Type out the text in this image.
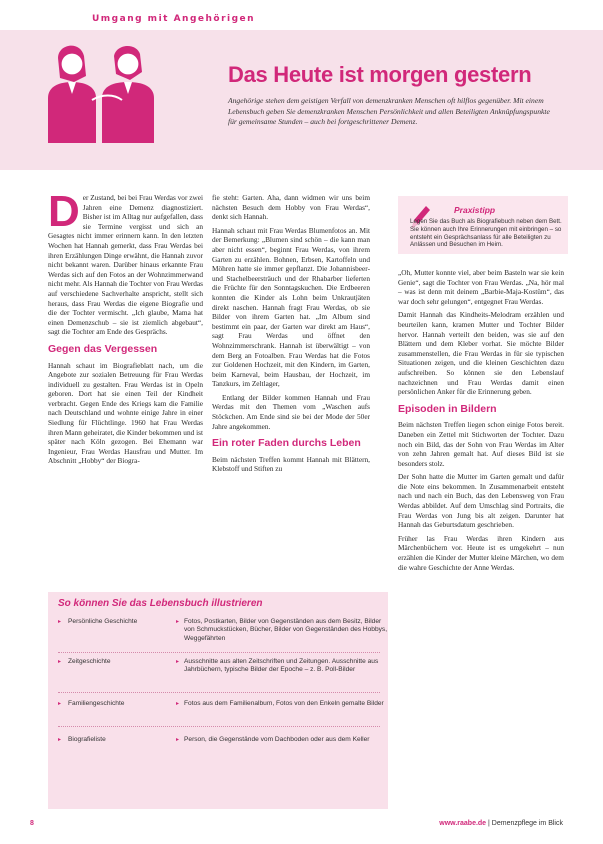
Umgang mit Angehörigen
Das Heute ist morgen gestern
Angehörige stehen dem geistigen Verfall von demenzkranken Menschen oft hilflos gegenüber. Mit einem Lebensbuch geben Sie demenzkranken Menschen Persönlichkeit und allen Beteiligten Anknüpfungspunkte für gemeinsame Stunden – auch bei fortgeschrittener Demenz.

D er Zustand, bei bei Frau Werdas vor zwei Jahren eine Demenz diagnostiziert. Bisher ist im Alltag nur aufgefallen, dass sie Termine vergisst und sich an Gesagtes nicht immer erinnern kann. In den letzten Wochen hat Hannah gemerkt, dass Frau Werdas bei ihren Erzählungen Dinge erwähnt, die Hannah zuvor nicht bekannt waren. Darüber hinaus erkannte Frau Werdas sich auf den Fotos an der Wohnzimmerwand nicht mehr. Als Hannah die Tochter von Frau Werdas auf verschiedene Sachverhalte anspricht, stellt sich heraus, dass Frau Werdas die eigene Biografie und die der Tochter vermischt. „Ich glaube, Mama hat einen Demenzschub – sie ist ziemlich abgebaut“, sagt die Tochter am Ende des Gesprächs.

Gegen das Vergessen

Hannah schaut im Biografieblatt nach, um die Angebote zur sozialen Betreuung für Frau Werdas individuell zu gestalten. Frau Werdas ist in Opeln geboren. Dort hat sie einen Teil der Kindheit verbracht. Gegen Ende des Kriegs kam die Familie nach Deutschland und wohnte einige Jahre in einer Siedlung für Flüchtlinge. 1960 hat Frau Werdas ihren Mann geheiratet, die Kinder bekommen und ist später nach Köln gezogen. Bei Ehemann war Ingenieur, Frau Werdas Hausfrau und Mutter. Im Abschnitt „Hobby“ der Biogra-

fie steht: Garten. Aha, dann widmen wir uns beim nächsten Besuch dem Hobby von Frau Werdas“, denkt sich Hannah.

Hannah schaut mit Frau Werdas Blumenfotos an. Mit der Bemerkung: „Blumen sind schön – die kann man aber nicht essen“, beginnt Frau Werdas, von ihrem Garten zu erzählen. Bohnen, Erbsen, Kartoffeln und Möhren hatte sie immer gepflanzt. Die Johannisbeer- und Stachelbeersträuch und der Rhabarber lieferten die Früchte für den Sonntagskuchen. Die Erdbeeren konnten die Kinder als Lohn beim Unkrautjäten direkt naschen. Hannah fragt Frau Werdas, ob sie Bilder von ihrem Garten hat. „Im Album sind bestimmt ein paar, der Garten war direkt am Haus“, sagt Frau Werdas und öffnet den Wohnzimmerschrank. Hannah ist überwältigt – von dem Berg an Fotoalben. Frau Werdas hat die Fotos zur Goldenen Hochzeit, mit den Kindern, im Garten, beim Karneval, beim Hausbau, der Hochzeit, im Tanzkurs, im Zeltlager,

Entlang der Bilder kommen Hannah und Frau Werdas mit den Themen vom „Waschen aufs Stöckchen. Am Ende sind sie bei der Mode der 50er Jahre angekommen.

Ein roter Faden durchs Leben

Beim nächsten Treffen kommt Hannah mit Blättern, Klebstoff und Stiften zu

Praxistipp
Legen Sie das Buch als Biografiebuch neben dem Bett. Sie können auch Ihre Erinnerungen mit einbringen – so entsteht ein Gesprächsanlass für alle Beteiligten zu Anlässen und Besuchen im Heim.

„Oh, Mutter konnte viel, aber beim Basteln war sie kein Genie“, sagt die Tochter von Frau Werdas. „Na, hör mal – was ist denn mit deinem „Barbie-Maja-Kostüm“, das war doch sehr gelungen“, entgegnet Frau Werdas.

Damit Hannah das Kindheits-Melodram erzählen und beurteilen kann, kramen Mutter und Tochter Bilder hervor. Hannah verteilt den beiden, was sie auf den Blättern und dem Kleber vorhat. Sie möchte Bilder zusammenstellen, die Frau Werdas in für sie typischen Situationen zeigen, und die kleinen Geschichten dazu aufschreiben. So können sie den Lebenslauf nachzeichnen und Frau Werdas damit einen persönlichen Anker für die Erinnerung geben.

Episoden in Bildern

Beim nächsten Treffen liegen schon einige Fotos bereit. Daneben ein Zettel mit Stichworten der Tochter. Dazu noch ein Bild, das der Sohn von Frau Werdas im Alter von zehn Jahren gemalt hat. Auf dieses Bild ist sie besonders stolz.

Der Sohn hatte die Mutter im Garten gemalt und dafür die Note eins bekommen. In Zusammenarbeit entsteht nach und nach ein Buch, das den Lebensweg von Frau Werdas abbildet. Auf dem Umschlag sind Portraits, die Frau Werdas von Jung bis alt zeigen. Darunter hat Hannah das Geburtsdatum geschrieben.

Früher las Frau Werdas ihren Kindern aus Märchenbüchern vor. Heute ist es umgekehrt – nun erzählen die Kinder der Mutter kleine Märchen, wo dem die wahre Geschichte der Anne Werdas.

So können Sie das Lebensbuch illustrieren
▸ Persönliche Geschichte	▸ Fotos, Postkarten, Bilder von Gegenständen aus dem Besitz, Bilder von Schmuckstücken, Bücher, Bilder von Gegenständen des Hobbys, Weggefährten
▸ Zeitgeschichte	▸ Ausschnitte aus alten Zeitschriften und Zeitungen. Ausschnitte aus Jahrbüchern, typische Bilder der Epoche – z. B. Poll-Bilder
▸ Familiengeschichte	▸ Fotos aus dem Familienalbum, Fotos von den Enkeln gemalte Bilder
▸ Biografieliste	▸ Person, die Gegenstände vom Dachboden oder aus dem Keller
8	www.raabe.de | Demenzpflege im Blick
